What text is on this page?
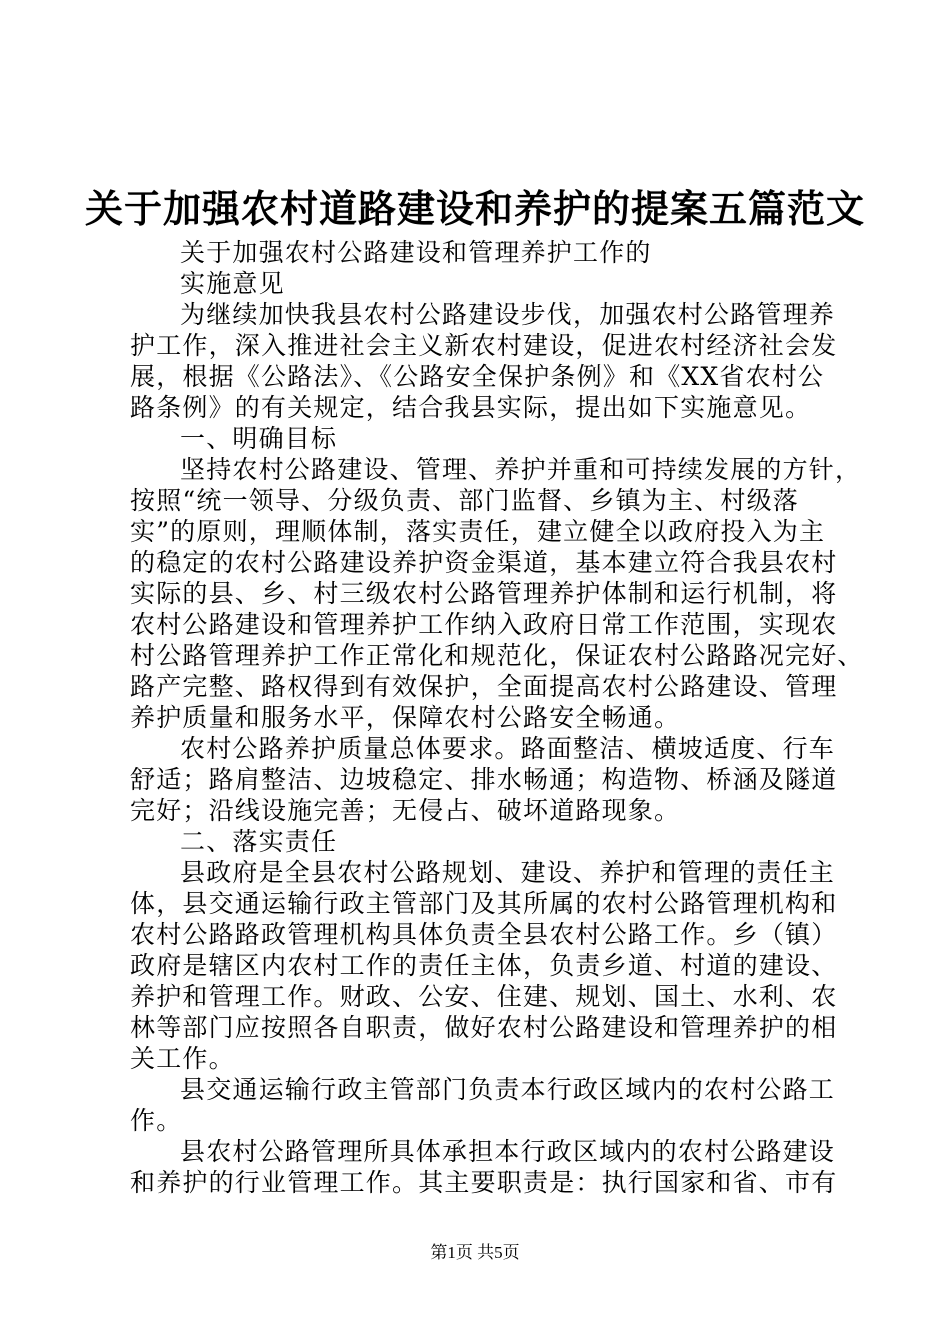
关于加强农村道路建设和养护的提案五篇范文
关于加强农村公路建设和管理养护工作的
实施意见
为继续加快我县农村公路建设步伐，加强农村公路管理养
护工作，深入推进社会主义新农村建设，促进农村经济社会发
展，根据《公路法》、《公路安全保护条例》和《XX省农村公
路条例》的有关规定，结合我县实际，提出如下实施意见。
一、明确目标
坚持农村公路建设、管理、养护并重和可持续发展的方针，
按照“统一领导、分级负责、部门监督、乡镇为主、村级落
实”的原则，理顺体制，落实责任，建立健全以政府投入为主
的稳定的农村公路建设养护资金渠道，基本建立符合我县农村
实际的县、乡、村三级农村公路管理养护体制和运行机制，将
农村公路建设和管理养护工作纳入政府日常工作范围，实现农
村公路管理养护工作正常化和规范化，保证农村公路路况完好、
路产完整、路权得到有效保护，全面提高农村公路建设、管理
养护质量和服务水平，保障农村公路安全畅通。
农村公路养护质量总体要求。路面整洁、横坡适度、行车
舒适；路肩整洁、边坡稳定、排水畅通；构造物、桥涵及隧道
完好；沿线设施完善；无侵占、破坏道路现象。
二、落实责任
县政府是全县农村公路规划、建设、养护和管理的责任主
体，县交通运输行政主管部门及其所属的农村公路管理机构和
农村公路路政管理机构具体负责全县农村公路工作。乡（镇）
政府是辖区内农村工作的责任主体，负责乡道、村道的建设、
养护和管理工作。财政、公安、住建、规划、国土、水利、农
林等部门应按照各自职责，做好农村公路建设和管理养护的相
关工作。
县交通运输行政主管部门负责本行政区域内的农村公路工
作。
县农村公路管理所具体承担本行政区域内的农村公路建设
和养护的行业管理工作。其主要职责是：执行国家和省、市有
第1页 共5页
